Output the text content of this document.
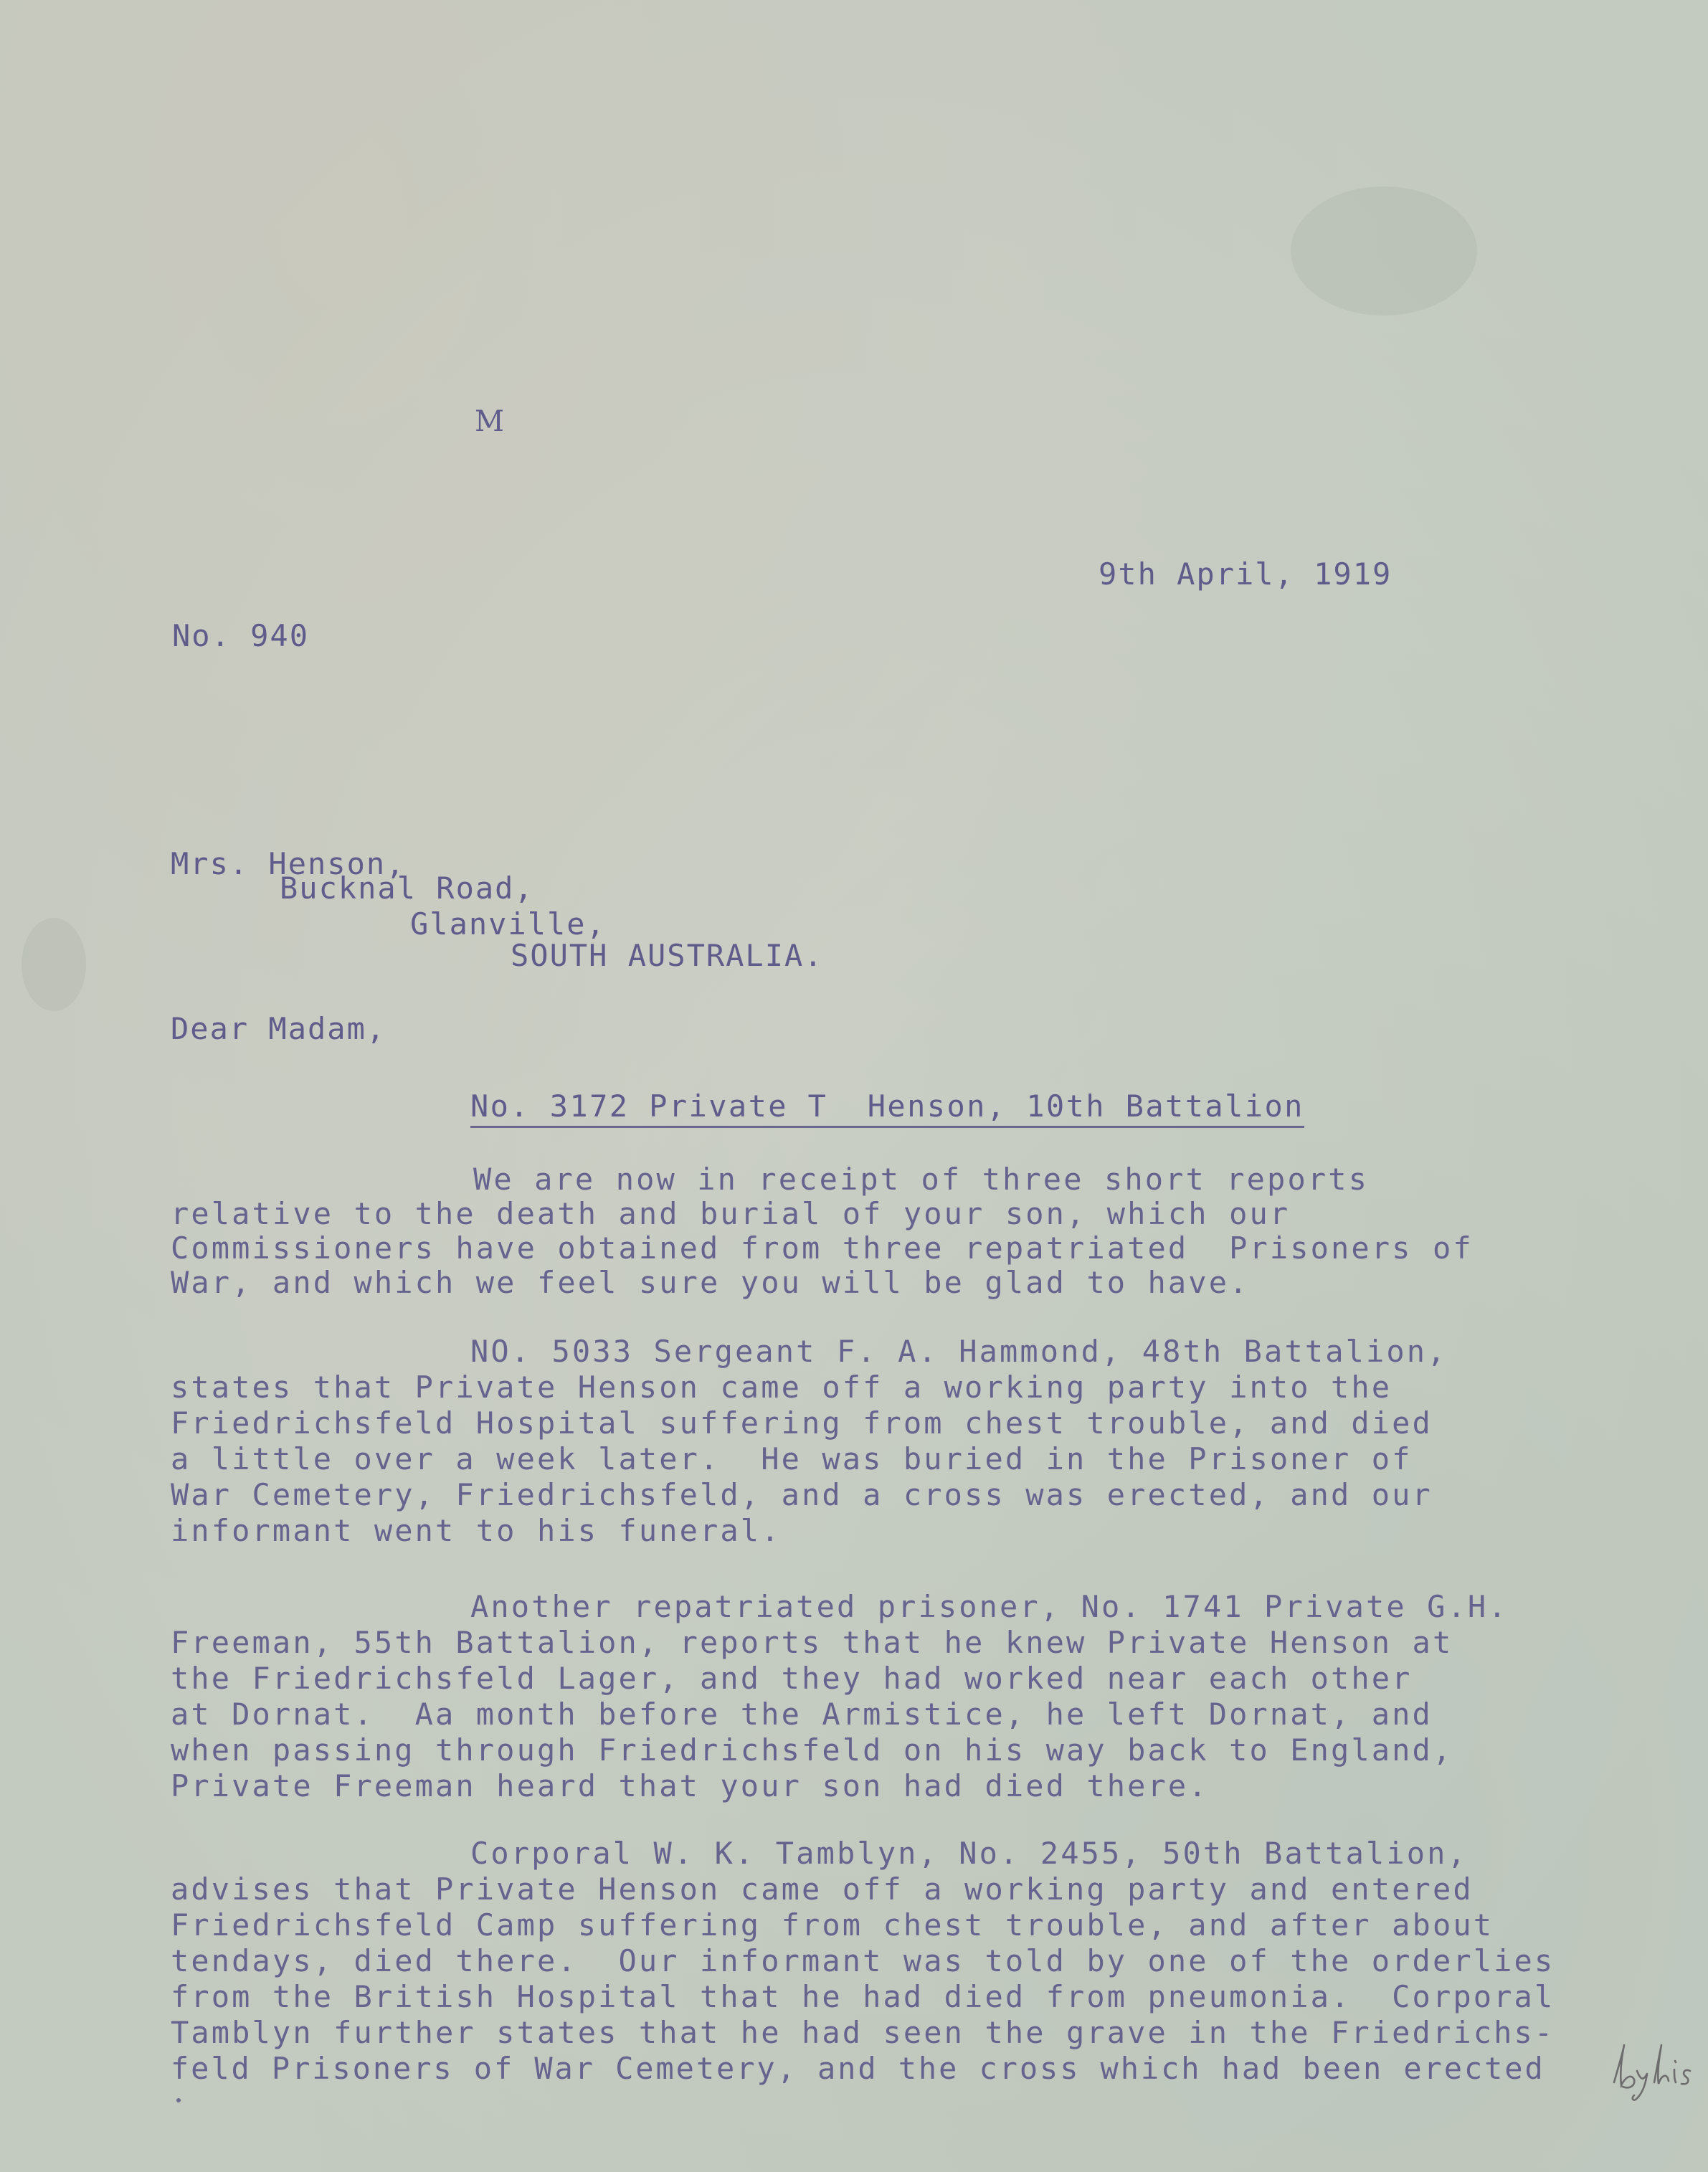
M
9th April, 1919
No. 940
Mrs. Henson,
Bucknal Road,
Glanville,
SOUTH AUSTRALIA.
Dear Madam,
No. 3172 Private T  Henson, 10th Battalion
We are now in receipt of three short reports
relative to the death and burial of your son, which our
Commissioners have obtained from three repatriated  Prisoners of
War, and which we feel sure you will be glad to have.
NO. 5033 Sergeant F. A. Hammond, 48th Battalion,
states that Private Henson came off a working party into the
Friedrichsfeld Hospital suffering from chest trouble, and died
a little over a week later.  He was buried in the Prisoner of
War Cemetery, Friedrichsfeld, and a cross was erected, and our
informant went to his funeral.
Another repatriated prisoner, No. 1741 Private G.H.
Freeman, 55th Battalion, reports that he knew Private Henson at
the Friedrichsfeld Lager, and they had worked near each other
at Dornat.  Aa month before the Armistice, he left Dornat, and
when passing through Friedrichsfeld on his way back to England,
Private Freeman heard that your son had died there.
Corporal W. K. Tamblyn, No. 2455, 50th Battalion,
advises that Private Henson came off a working party and entered
Friedrichsfeld Camp suffering from chest trouble, and after about
tendays, died there.  Our informant was told by one of the orderlies
from the British Hospital that he had died from pneumonia.  Corporal
Tamblyn further states that he had seen the grave in the Friedrichs-
feld Prisoners of War Cemetery, and the cross which had been erected
